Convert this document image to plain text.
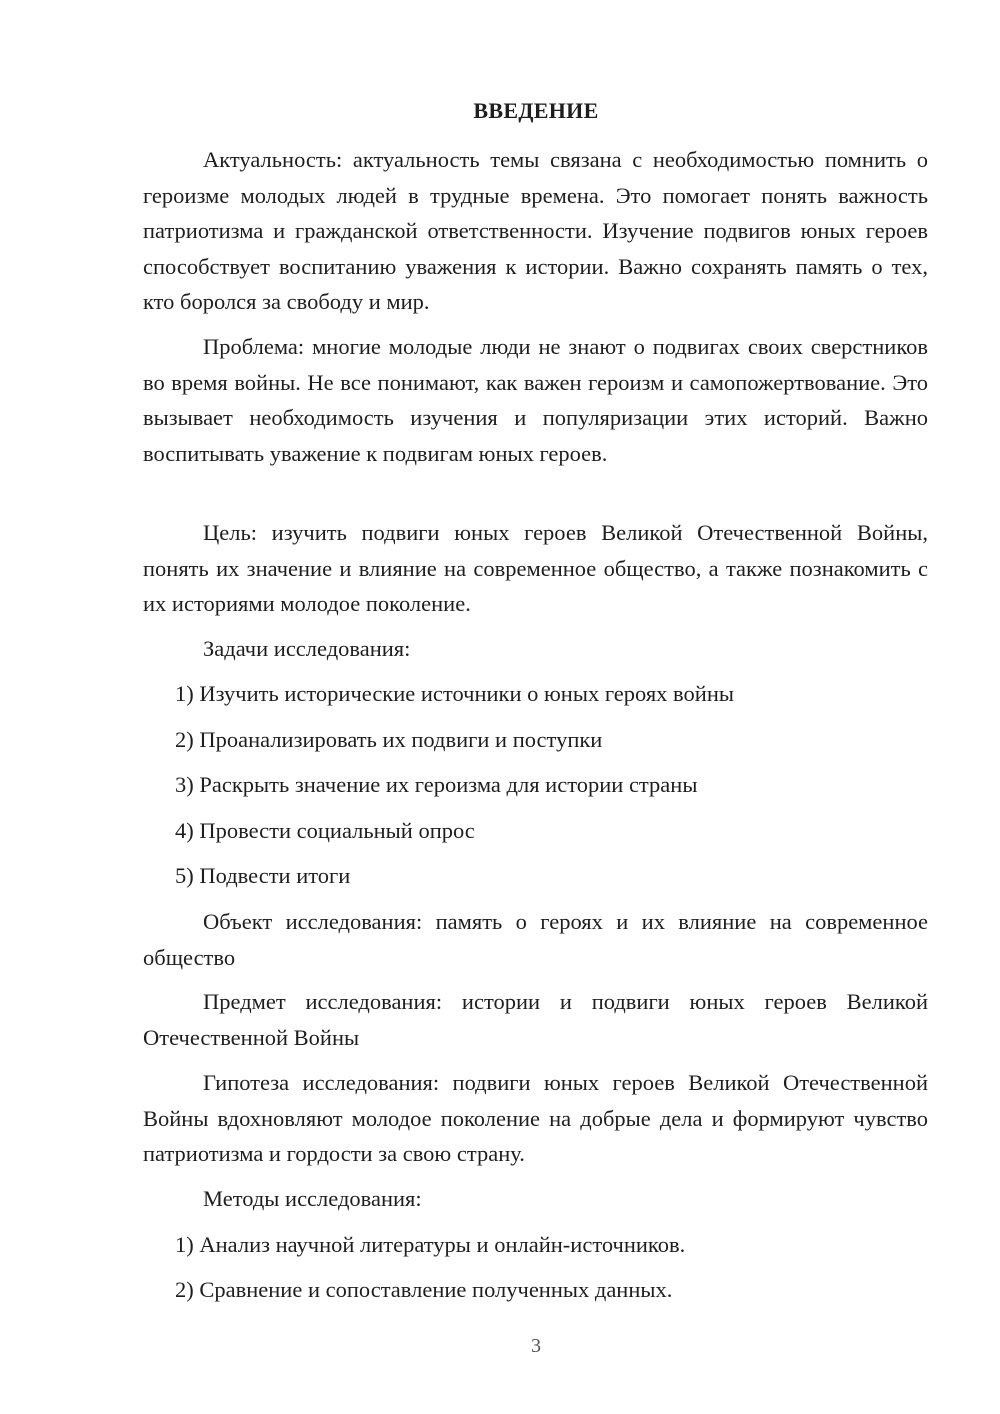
ВВЕДЕНИЕ

Актуальность: актуальность темы связана с необходимостью помнить о героизме молодых людей в трудные времена. Это помогает понять важность патриотизма и гражданской ответственности. Изучение подвигов юных героев способствует воспитанию уважения к истории. Важно сохранять память о тех, кто боролся за свободу и мир.

Проблема: многие молодые люди не знают о подвигах своих сверстников во время войны. Не все понимают, как важен героизм и самопожертвование. Это вызывает необходимость изучения и популяризации этих историй. Важно воспитывать уважение к подвигам юных героев.

Цель: изучить подвиги юных героев Великой Отечественной Войны, понять их значение и влияние на современное общество, а также познакомить с их историями молодое поколение.

Задачи исследования:

1) Изучить исторические источники о юных героях войны

2) Проанализировать их подвиги и поступки

3) Раскрыть значение их героизма для истории страны

4) Провести социальный опрос

5) Подвести итоги

Объект исследования: память о героях и их влияние на современное общество

Предмет исследования: истории и подвиги юных героев Великой Отечественной Войны

Гипотеза исследования: подвиги юных героев Великой Отечественной Войны вдохновляют молодое поколение на добрые дела и формируют чувство патриотизма и гордости за свою страну.

Методы исследования:

1) Анализ научной литературы и онлайн-источников.

2) Сравнение и сопоставление полученных данных.

3
